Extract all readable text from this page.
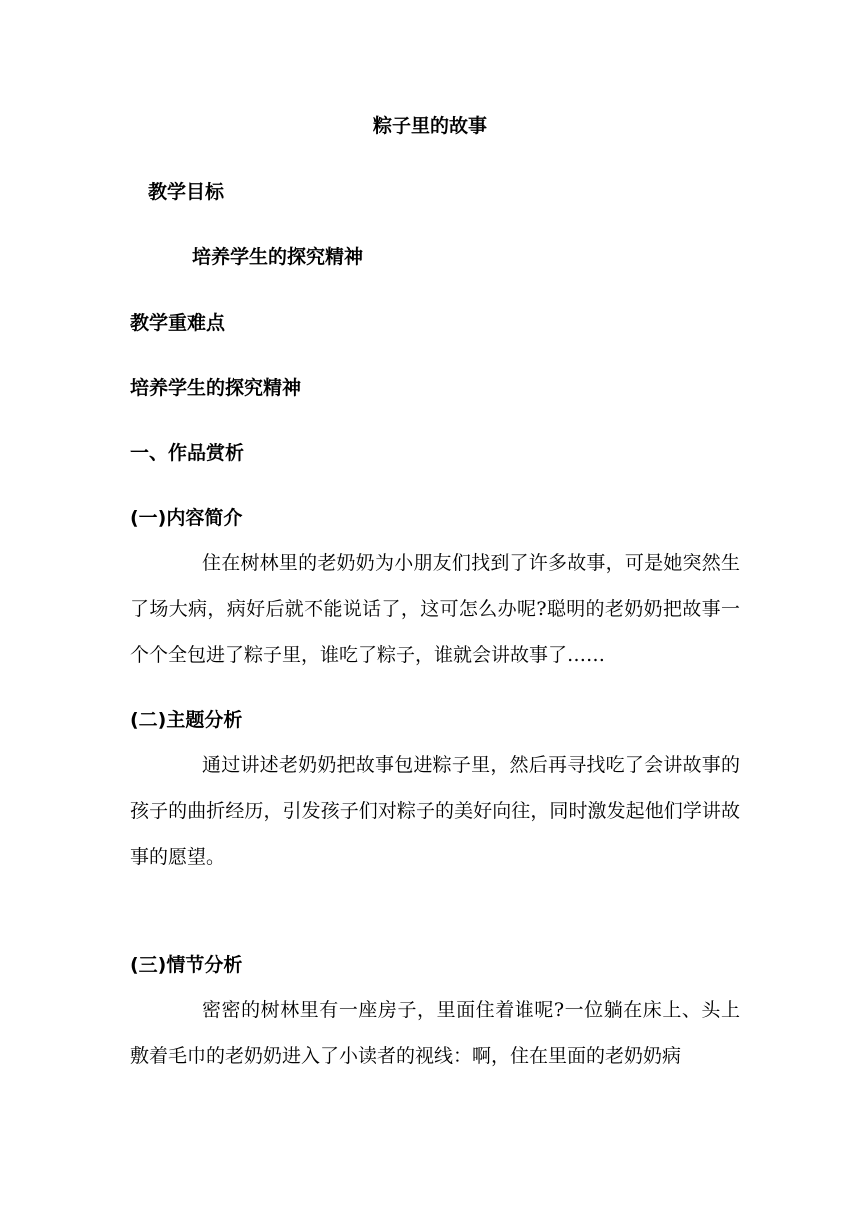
粽子里的故事
教学目标

培养学生的探究精神

教学重难点

培养学生的探究精神

一、作品赏析
(一)内容简介

住在树林里的老奶奶为小朋友们找到了许多故事，可是她突然生了场大病，病好后就不能说话了，这可怎么办呢?聪明的老奶奶把故事一个个全包进了粽子里，谁吃了粽子，谁就会讲故事了……

(二)主题分析

通过讲述老奶奶把故事包进粽子里，然后再寻找吃了会讲故事的孩子的曲折经历，引发孩子们对粽子的美好向往，同时激发起他们学讲故事的愿望。

(三)情节分析

密密的树林里有一座房子，里面住着谁呢?一位躺在床上、头上敷着毛巾的老奶奶进入了小读者的视线：啊，住在里面的老奶奶病
